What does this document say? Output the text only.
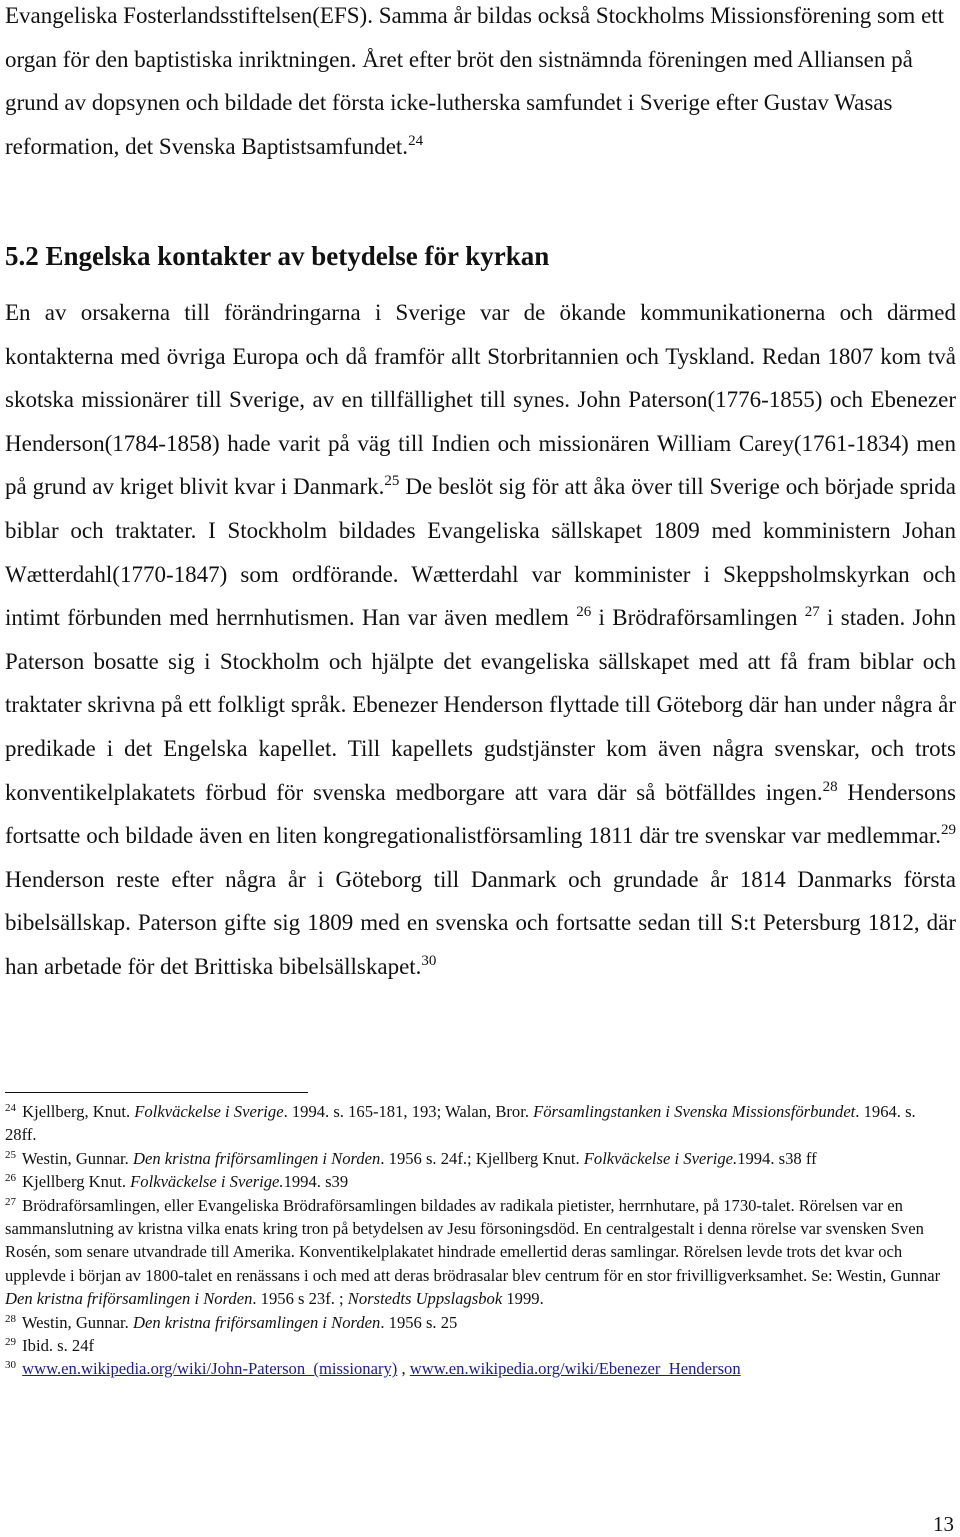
Evangeliska Fosterlandsstiftelsen(EFS). Samma år bildas också Stockholms Missionsförening som ett organ för den baptistiska inriktningen. Året efter bröt den sistnämnda föreningen med Alliansen på grund av dopsynen och bildade det första icke-lutherska samfundet i Sverige efter Gustav Wasas reformation, det Svenska Baptistsamfundet.$^{24}$

5.2 Engelska kontakter av betydelse för kyrkan

En av orsakerna till förändringarna i Sverige var de ökande kommunikationerna och därmed kontakterna med övriga Europa och då framför allt Storbritannien och Tyskland. Redan 1807 kom två skotska missionärer till Sverige, av en tillfällighet till synes. John Paterson(1776-1855) och Ebenezer Henderson(1784-1858) hade varit på väg till Indien och missionären William Carey(1761-1834) men på grund av kriget blivit kvar i Danmark.$^{25}$ De beslöt sig för att åka över till Sverige och började sprida biblar och traktater. I Stockholm bildades Evangeliska sällskapet 1809 med komministern Johan Wætterdahl(1770-1847) som ordförande. Wætterdahl var komminister i Skeppsholmskyrkan och intimt förbunden med herrnhutismen. Han var även medlem $^{26}$ i Brödraförsamlingen $^{27}$ i staden. John Paterson bosatte sig i Stockholm och hjälpte det evangeliska sällskapet med att få fram biblar och traktater skrivna på ett folkligt språk. Ebenezer Henderson flyttade till Göteborg där han under några år predikade i det Engelska kapellet. Till kapellets gudstjänster kom även några svenskar, och trots konventikelplakatets förbud för svenska medborgare att vara där så bötfälldes ingen.$^{28}$ Hendersons fortsatte och bildade även en liten kongregationalistförsamling 1811 där tre svenskar var medlemmar.$^{29}$ Henderson reste efter några år i Göteborg till Danmark och grundade år 1814 Danmarks första bibelsällskap. Paterson gifte sig 1809 med en svenska och fortsatte sedan till S:t Petersburg 1812, där han arbetade för det Brittiska bibelsällskapet.$^{30}$

$^{24}$ Kjellberg, Knut. Folkväckelse i Sverige. 1994. s. 165-181, 193; Walan, Bror. Församlingstanken i Svenska Missionsförbundet. 1964. s. 28ff.

$^{25}$ Westin, Gunnar. Den kristna friförsamlingen i Norden. 1956 s. 24f.; Kjellberg Knut. Folkväckelse i Sverige.1994. s38 ff

$^{26}$ Kjellberg Knut. Folkväckelse i Sverige.1994. s39

$^{27}$ Brödraförsamlingen, eller Evangeliska Brödraförsamlingen bildades av radikala pietister, herrnhutare, på 1730-talet. Rörelsen var en sammanslutning av kristna vilka enats kring tron på betydelsen av Jesu försoningsdöd. En centralgestalt i denna rörelse var svensken Sven Rosén, som senare utvandrade till Amerika. Konventikelplakatet hindrade emellertid deras samlingar. Rörelsen levde trots det kvar och upplevde i början av 1800-talet en renässans i och med att deras brödrasalar blev centrum för en stor frivilligverksamhet. Se: Westin, Gunnar Den kristna friförsamlingen i Norden. 1956 s 23f. ; Norstedts Uppslagsbok 1999.

$^{28}$ Westin, Gunnar. Den kristna friförsamlingen i Norden. 1956 s. 25

$^{29}$ Ibid. s. 24f

$^{30}$ www.en.wikipedia.org/wiki/John-Paterson_(missionary) , www.en.wikipedia.org/wiki/Ebenezer_Henderson

13
